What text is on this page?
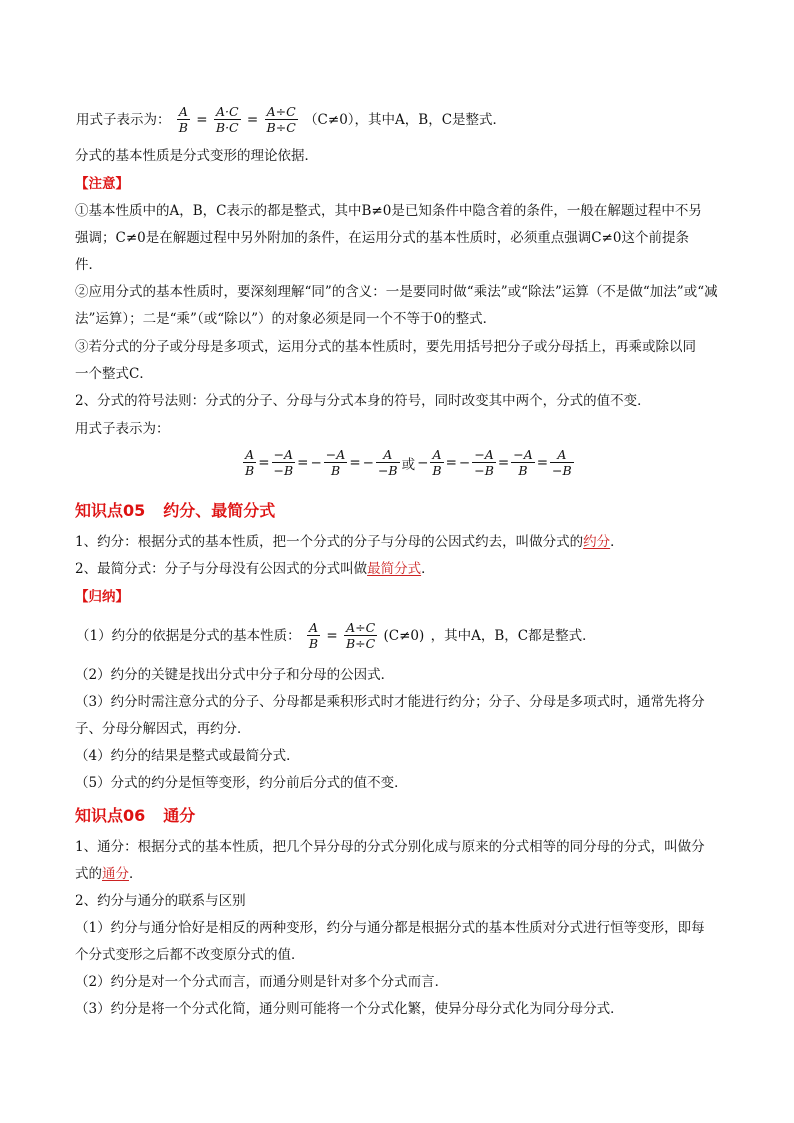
用式子表示为： $\frac{A}{B} = \frac{A\cdot C}{B\cdot C} = \frac{A\div C}{B\div C} (C\ne 0)$，其中A，B，C是整式．
分式的基本性质是分式变形的理论依据．
【注意】
①基本性质中的A，B，C表示的都是整式，其中B≠0是已知条件中隐含着的条件，一般在解题过程中不另
强调；C≠0是在解题过程中另外附加的条件，在运用分式的基本性质时，必须重点强调C≠0这个前提条
件．
②应用分式的基本性质时，要深刻理解“同”的含义：一是要同时做“乘法”或“除法”运算（不是做“加法”或“减
法”运算）；二是“乘”（或“除以”）的对象必须是同一个不等于0的整式．
③若分式的分子或分母是多项式，运用分式的基本性质时，要先用括号把分子或分母括上，再乘或除以同
一个整式C．
2、分式的符号法则：分式的分子、分母与分式本身的符号，同时改变其中两个，分式的值不变．
用式子表示为：
$\frac{A}{B} = \frac{-A}{-B}$ = − $\frac{-A}{B}$ = − $\frac{A}{-B}$ 或 − $\frac{A}{B}$ = − $\frac{-A}{-B} = \frac{-A}{B} = \frac{A}{-B}$
知识点05 约分、最简分式
1、约分：根据分式的基本性质，把一个分式的分子与分母的公因式约去，叫做分式的约分．
2、最简分式：分子与分母没有公因式的分式叫做最简分式．
【归纳】
（1）约分的依据是分式的基本性质： $\frac{A}{B} = \frac{A\div C}{B\div C} (C\ne 0)$ ，其中A，B，C都是整式．
（2）约分的关键是找出分式中分子和分母的公因式．
（3）约分时需注意分式的分子、分母都是乘积形式时才能进行约分；分子、分母是多项式时，通常先将分
子、分母分解因式，再约分．
（4）约分的结果是整式或最简分式．
（5）分式的约分是恒等变形，约分前后分式的值不变．
知识点06 通分
1、通分：根据分式的基本性质，把几个异分母的分式分别化成与原来的分式相等的同分母的分式，叫做分
式的通分．
2、约分与通分的联系与区别
（1）约分与通分恰好是相反的两种变形，约分与通分都是根据分式的基本性质对分式进行恒等变形，即每
个分式变形之后都不改变原分式的值．
（2）约分是对一个分式而言，而通分则是针对多个分式而言．
（3）约分是将一个分式化简，通分则可能将一个分式化繁，使异分母分式化为同分母分式．
